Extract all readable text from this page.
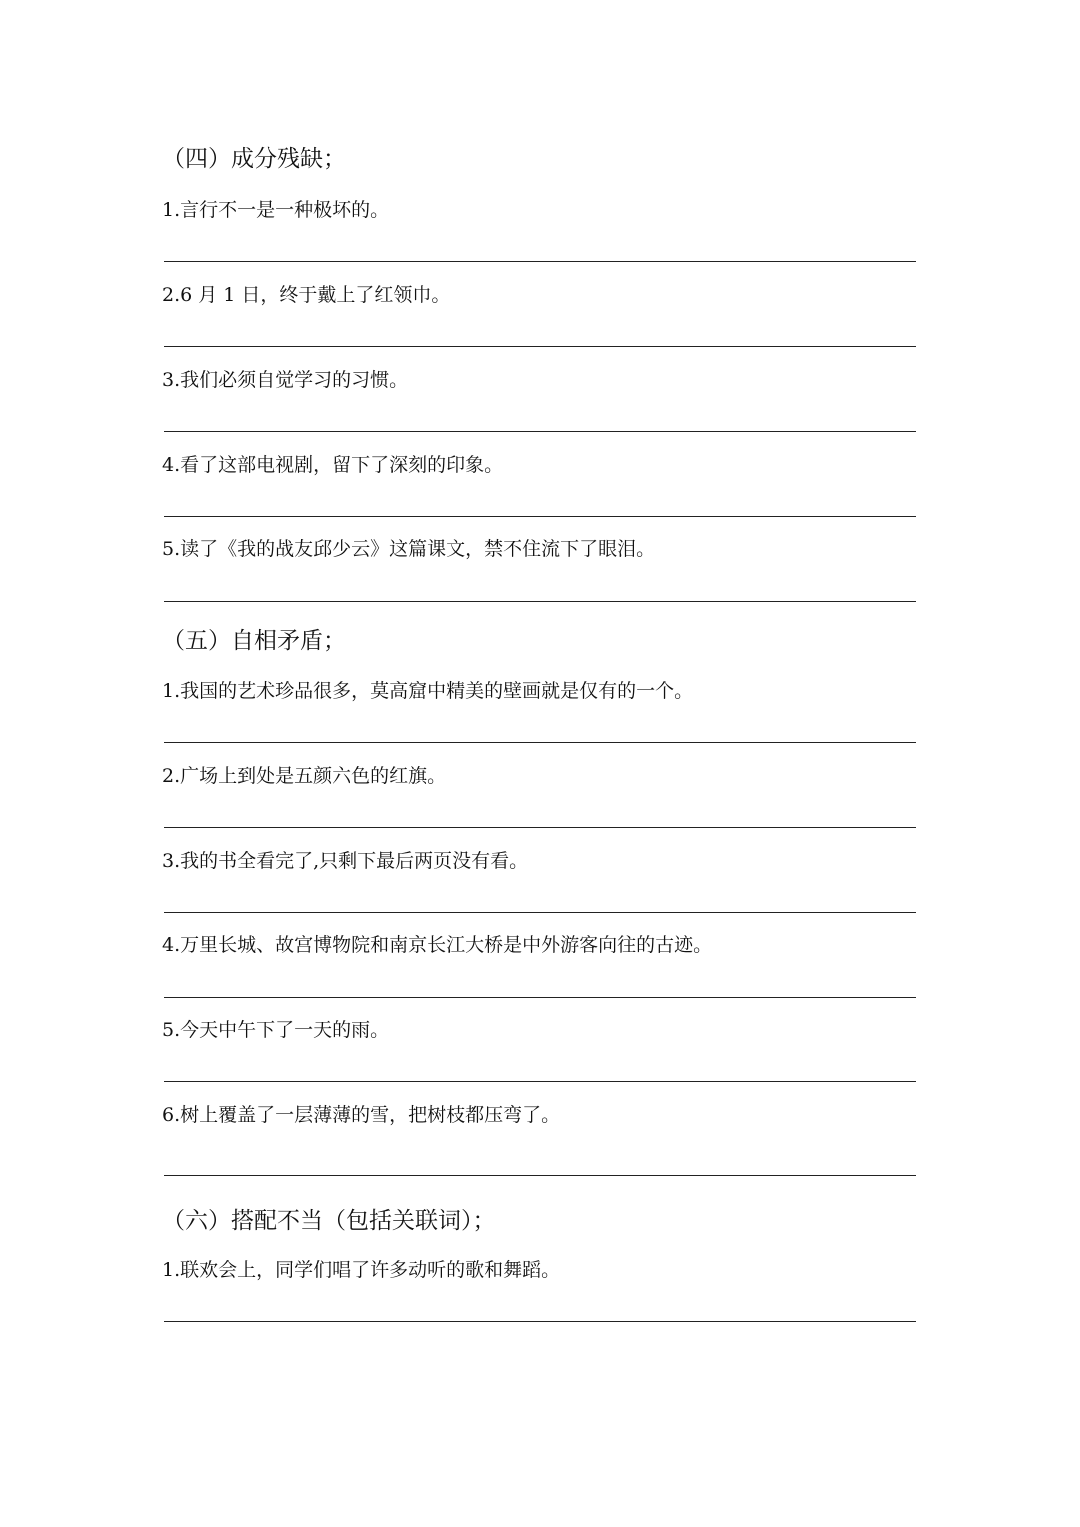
（四）成分残缺；
1.言行不一是一种极坏的。
2.6 月 1 日，终于戴上了红领巾。
3.我们必须自觉学习的习惯。
4.看了这部电视剧，留下了深刻的印象。
5.读了《我的战友邱少云》这篇课文，禁不住流下了眼泪。
（五）自相矛盾；
1.我国的艺术珍品很多，莫高窟中精美的壁画就是仅有的一个。
2.广场上到处是五颜六色的红旗。
3.我的书全看完了,只剩下最后两页没有看。
4.万里长城、故宫博物院和南京长江大桥是中外游客向往的古迹。
5.今天中午下了一天的雨。
6.树上覆盖了一层薄薄的雪，把树枝都压弯了。
（六）搭配不当（包括关联词）；
1.联欢会上，同学们唱了许多动听的歌和舞蹈。
